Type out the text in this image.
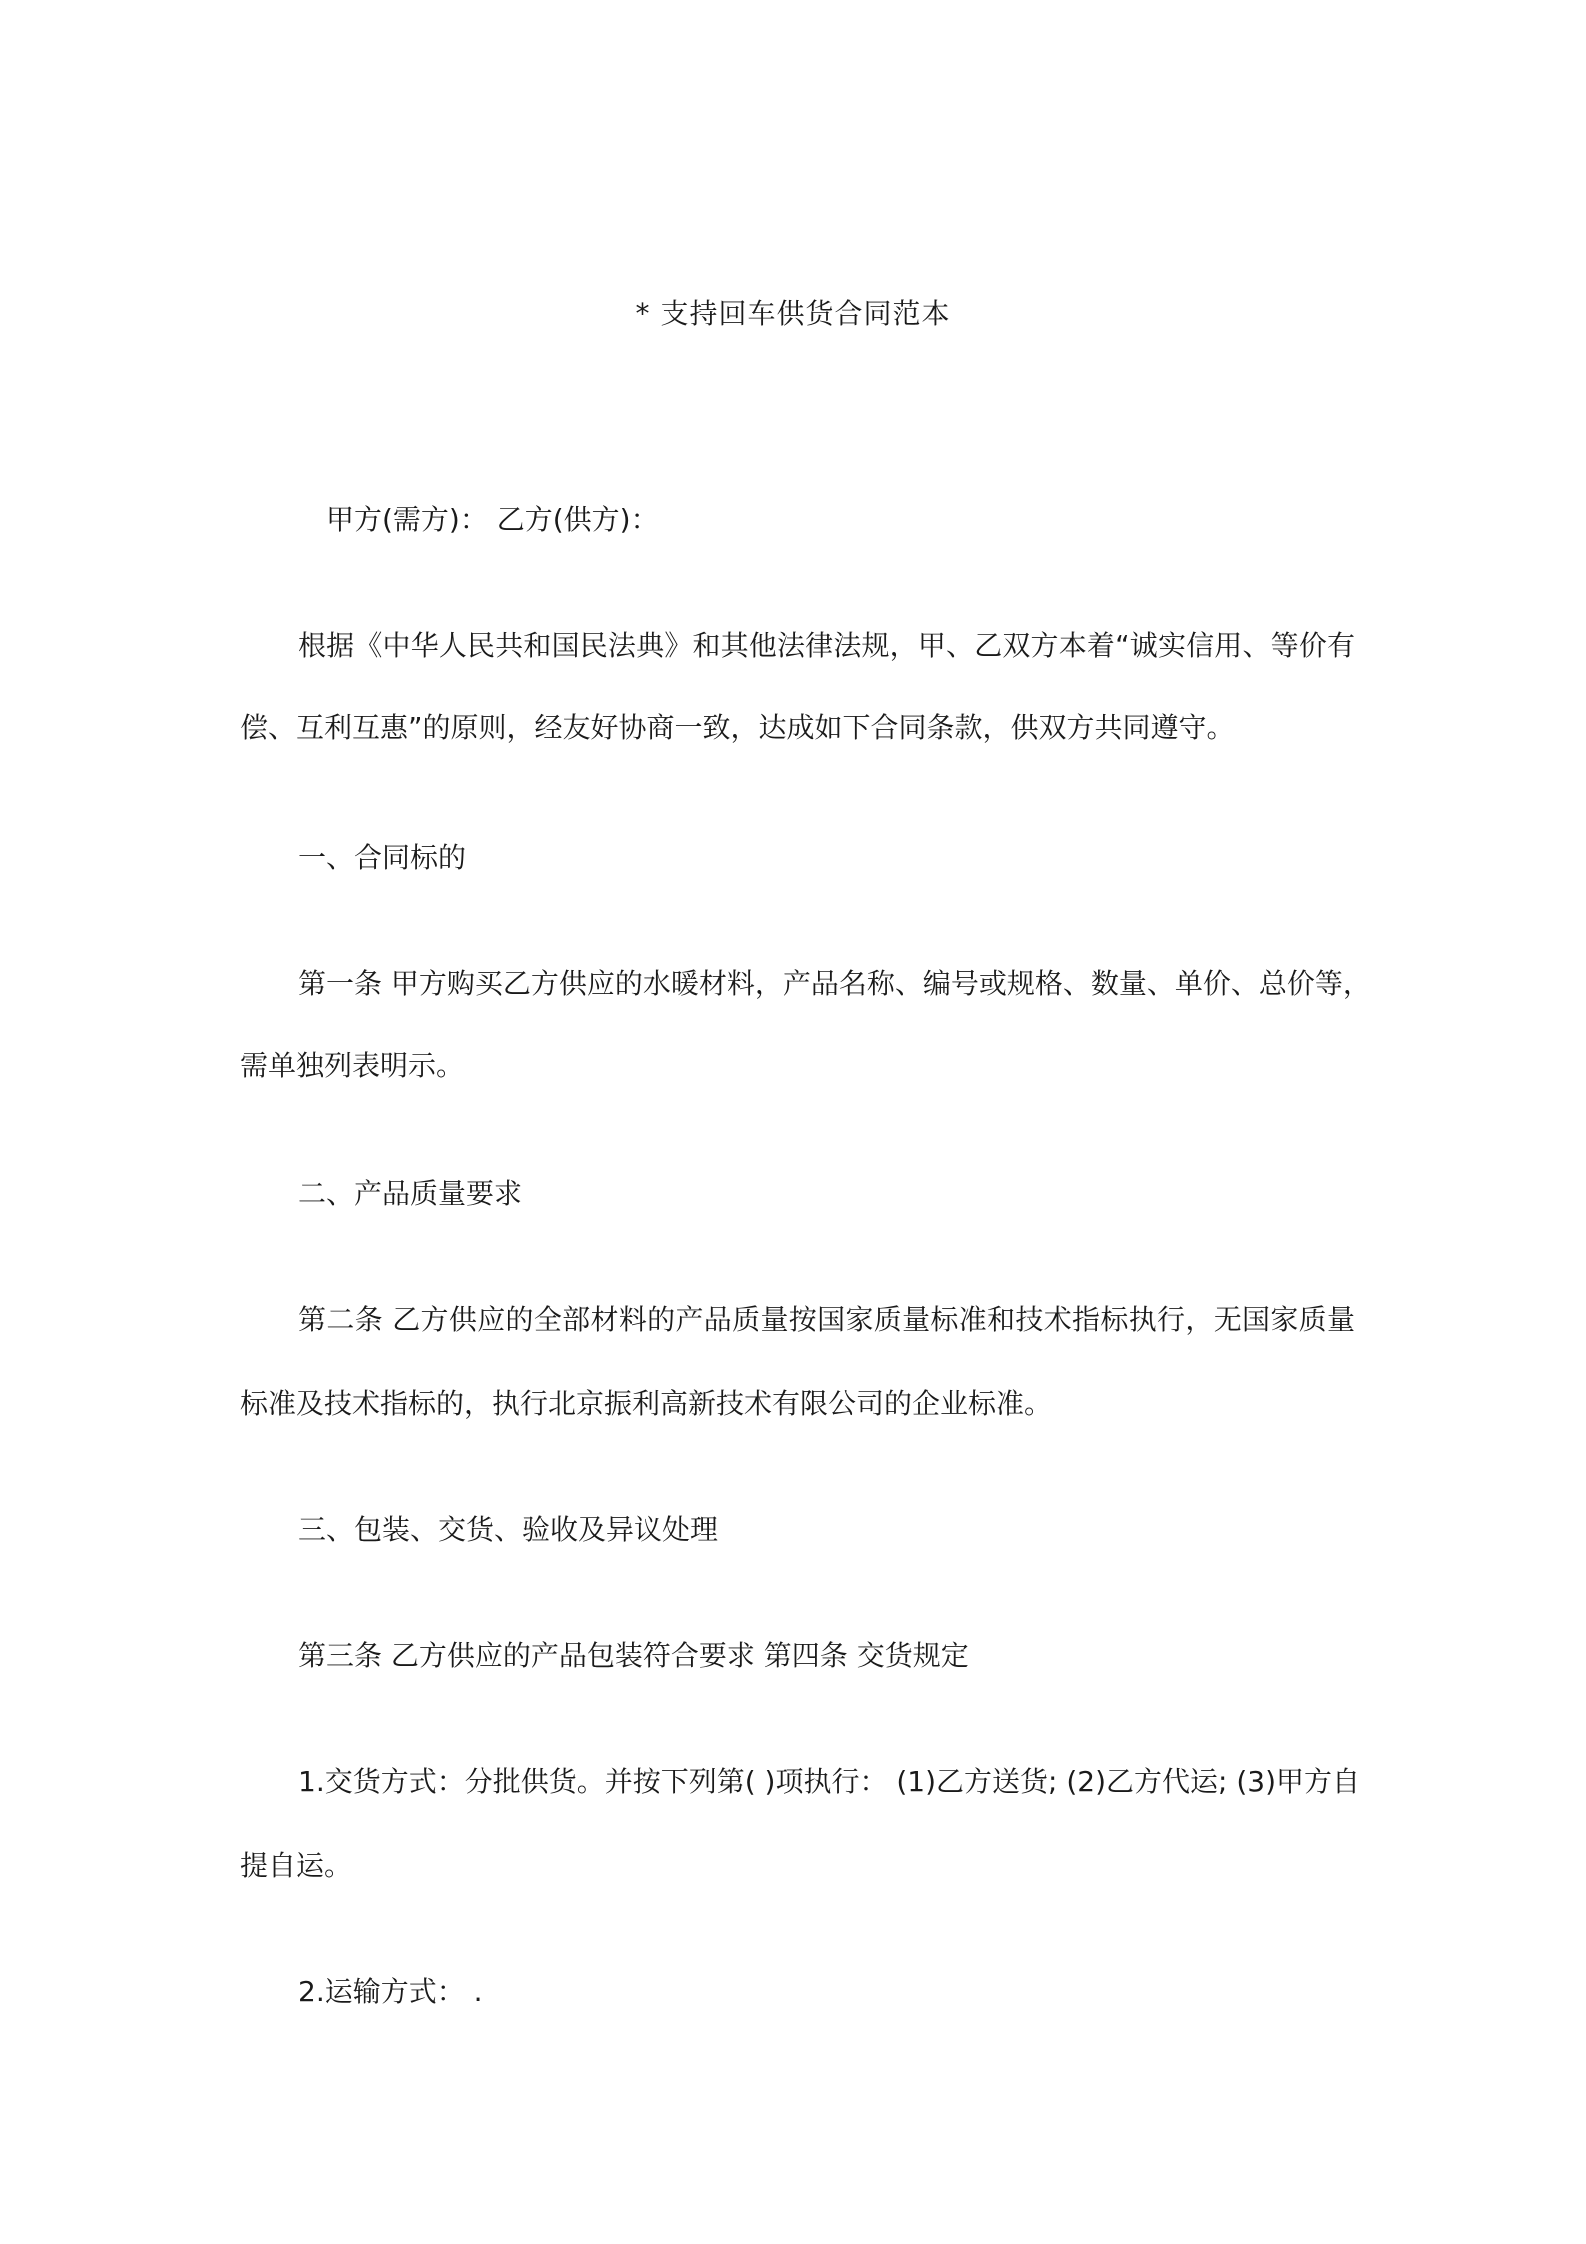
* 支持回车供货合同范本
甲方(需方)： 乙方(供方)：
根据《中华人民共和国民法典》和其他法律法规，甲、乙双方本着“诚实信用、等价有
偿、互利互惠”的原则，经友好协商一致，达成如下合同条款，供双方共同遵守。
一、合同标的
第一条 甲方购买乙方供应的水暖材料，产品名称、编号或规格、数量、单价、总价等，
需单独列表明示。
二、产品质量要求
第二条 乙方供应的全部材料的产品质量按国家质量标准和技术指标执行，无国家质量
标准及技术指标的，执行北京振利高新技术有限公司的企业标准。
三、包装、交货、验收及异议处理
第三条 乙方供应的产品包装符合要求 第四条 交货规定
1.交货方式：分批供货。并按下列第( )项执行： (1)乙方送货; (2)乙方代运; (3)甲方自
提自运。
2.运输方式： .
